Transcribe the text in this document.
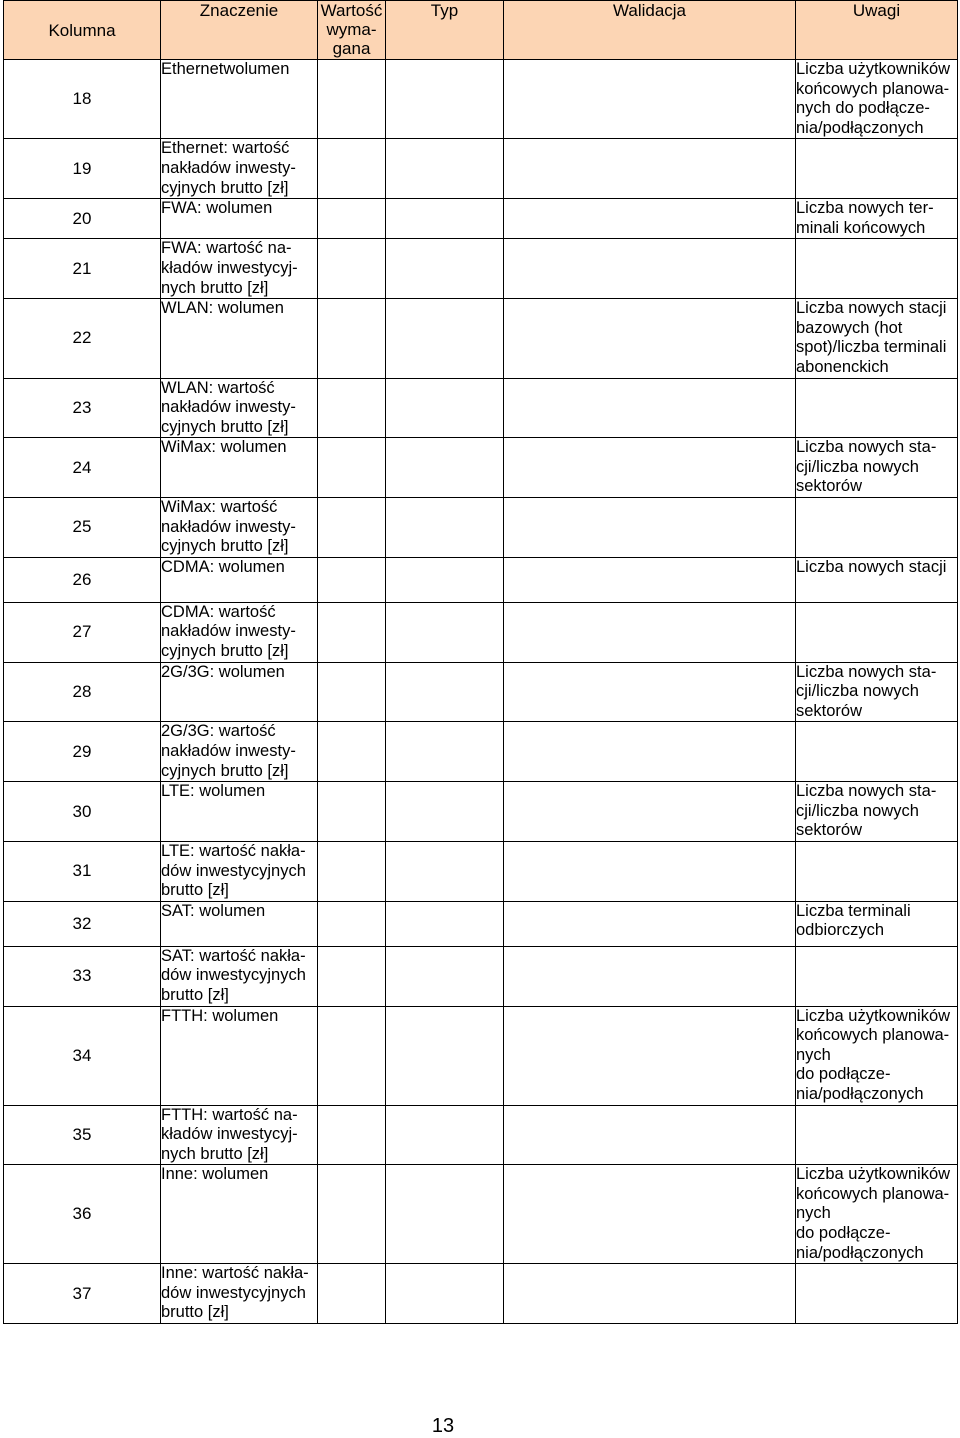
Kolumna	Znaczenie	Wartość
wyma-
gana	Typ	Walidacja	Uwagi
18	Ethernetwolumen				Liczba użytkowników
końcowych planowa-
nych do podłącze-
nia/podłączonych
19	Ethernet: wartość
nakładów inwesty-
cyjnych brutto [zł]				
20	FWA: wolumen				Liczba nowych ter-
minali końcowych
21	FWA: wartość na-
kładów inwestycyj-
nych brutto [zł]				
22	WLAN: wolumen				Liczba nowych stacji
bazowych (hot
spot)/liczba terminali
abonenckich
23	WLAN: wartość
nakładów inwesty-
cyjnych brutto [zł]				
24	WiMax: wolumen				Liczba nowych sta-
cji/liczba nowych
sektorów
25	WiMax: wartość
nakładów inwesty-
cyjnych brutto [zł]				
26	CDMA: wolumen				Liczba nowych stacji
27	CDMA: wartość
nakładów inwesty-
cyjnych brutto [zł]				
28	2G/3G: wolumen				Liczba nowych sta-
cji/liczba nowych
sektorów
29	2G/3G: wartość
nakładów inwesty-
cyjnych brutto [zł]				
30	LTE: wolumen				Liczba nowych sta-
cji/liczba nowych
sektorów
31	LTE: wartość nakła-
dów inwestycyjnych
brutto [zł]				
32	SAT: wolumen				Liczba terminali
odbiorczych
33	SAT: wartość nakła-
dów inwestycyjnych
brutto [zł]				
34	FTTH: wolumen				Liczba użytkowników
końcowych planowa-
nych
do podłącze-
nia/podłączonych
35	FTTH: wartość na-
kładów inwestycyj-
nych brutto [zł]				
36	Inne: wolumen				Liczba użytkowników
końcowych planowa-
nych
do podłącze-
nia/podłączonych
37	Inne: wartość nakła-
dów inwestycyjnych
brutto [zł]				
13
